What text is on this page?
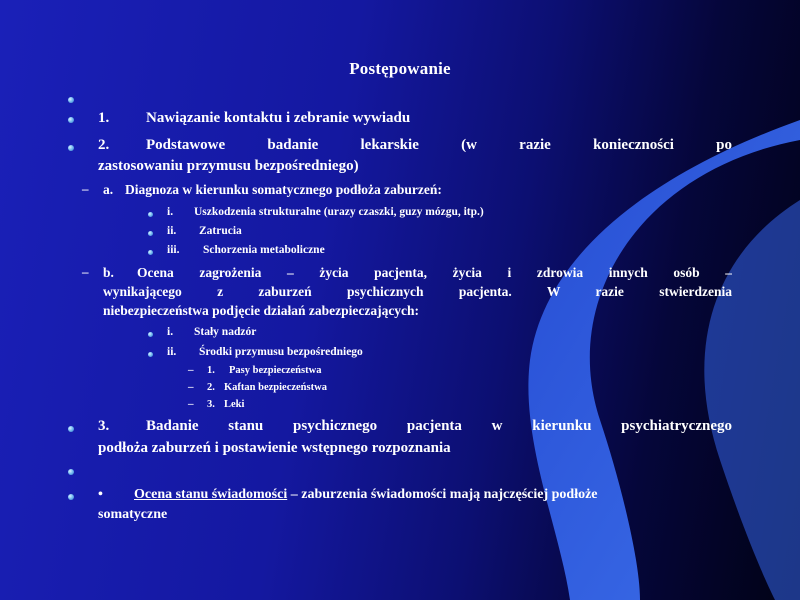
Postępowanie
1. Nawiązanie kontaktu i zebranie wywiadu
2. Podstawowe badanie lekarskie (w razie konieczności po
zastosowaniu przymusu bezpośredniego)
– a. Diagnoza w kierunku somatycznego podłoża zaburzeń:
i. Uszkodzenia strukturalne (urazy czaszki, guzy mózgu, itp.)
ii. Zatrucia
iii. Schorzenia metaboliczne
– b. Ocena zagrożenia – życia pacjenta, życia i zdrowia innych osób –
wynikającego z zaburzeń psychicznych pacjenta. W razie stwierdzenia
niebezpieczeństwa podjęcie działań zabezpieczających:
i. Stały nadzór
ii. Środki przymusu bezpośredniego
– 1. Pasy bezpieczeństwa
– 2. Kaftan bezpieczeństwa
– 3. Leki
3. Badanie stanu psychicznego pacjenta w kierunku psychiatrycznego
podłoża zaburzeń i postawienie wstępnego rozpoznania
• Ocena stanu świadomości – zaburzenia świadomości mają najczęściej podłoże
somatyczne
